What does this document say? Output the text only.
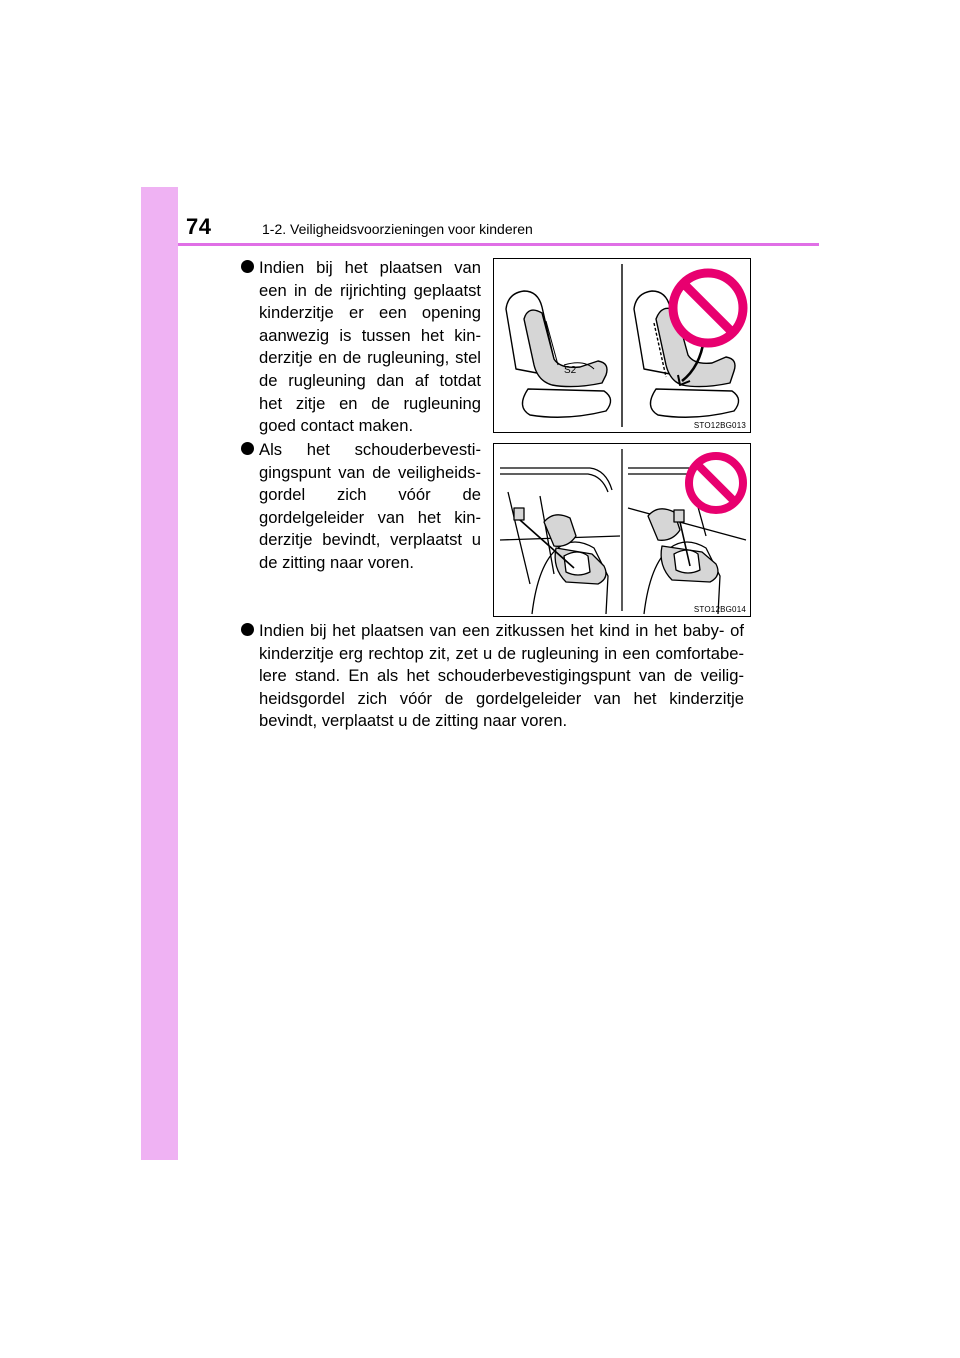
74	1-2. Veiligheidsvoorzieningen voor kinderen
Indien bij het plaatsen van een in de rijrichting geplaatst kinderzitje er een opening aanwezig is tussen het kin-derzitje en de rugleuning, stel de rugleuning dan af totdat het zitje en de rugleuning goed contact maken.
S2
STO12BG013
Als het schouderbevesti-gingspunt van de veiligheids-gordel zich vóór de gordelgeleider van het kin-derzitje bevindt, verplaatst u de zitting naar voren.
STO12BG014
Indien bij het plaatsen van een zitkussen het kind in het baby- of kinderzitje erg rechtop zit, zet u de rugleuning in een comfortabe-lere stand. En als het schouderbevestigingspunt van de veilig-heidsgordel zich vóór de gordelgeleider van het kinderzitje bevindt, verplaatst u de zitting naar voren.
